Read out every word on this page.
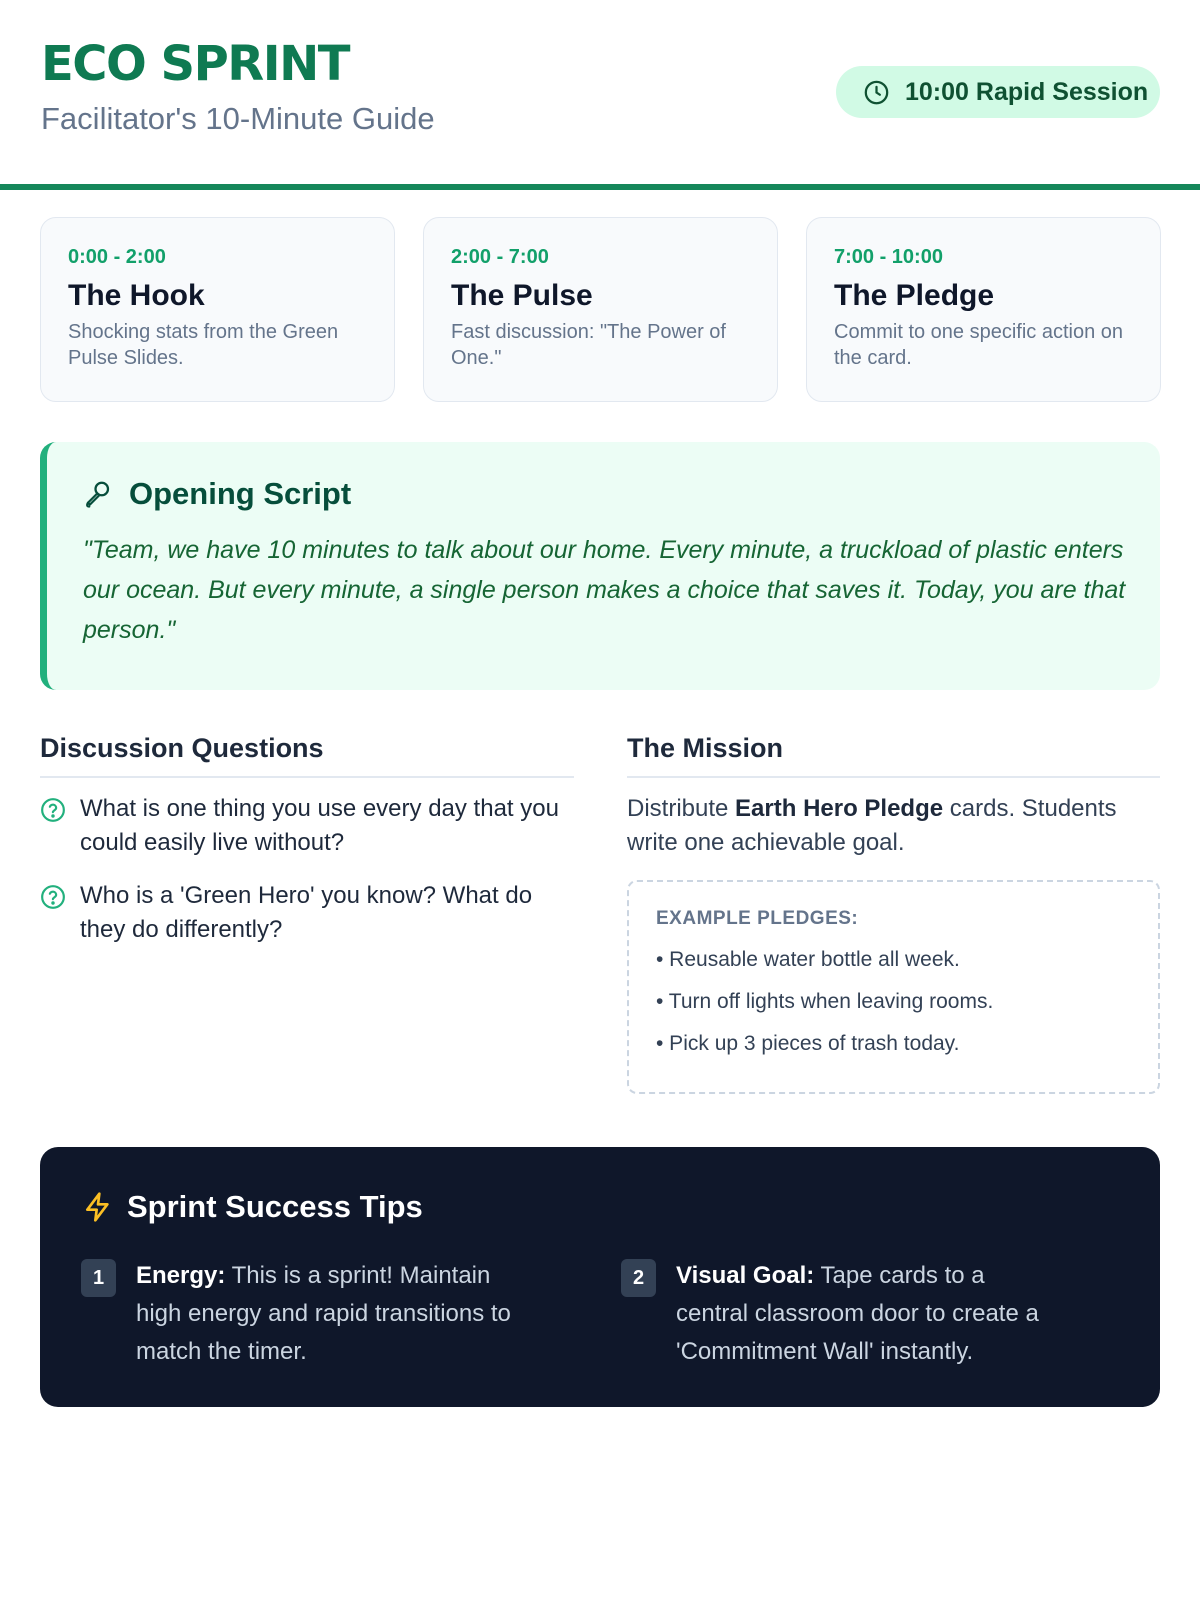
ECO SPRINT
Facilitator's 10-Minute Guide
10:00 Rapid Session
0:00 - 2:00
The Hook
Shocking stats from the Green Pulse Slides.
2:00 - 7:00
The Pulse
Fast discussion: "The Power of One."
7:00 - 10:00
The Pledge
Commit to one specific action on the card.
Opening Script
"Team, we have 10 minutes to talk about our home. Every minute, a truckload of plastic enters our ocean. But every minute, a single person makes a choice that saves it. Today, you are that person."
Discussion Questions	The Mission
What is one thing you use every day that you could easily live without?
Who is a 'Green Hero' you know? What do they do differently?
Distribute Earth Hero Pledge cards. Students write one achievable goal.
EXAMPLE PLEDGES:
• Reusable water bottle all week.
• Turn off lights when leaving rooms.
• Pick up 3 pieces of trash today.
Sprint Success Tips
1	Energy: This is a sprint! Maintain high energy and rapid transitions to match the timer.
2	Visual Goal: Tape cards to a central classroom door to create a 'Commitment Wall' instantly.
